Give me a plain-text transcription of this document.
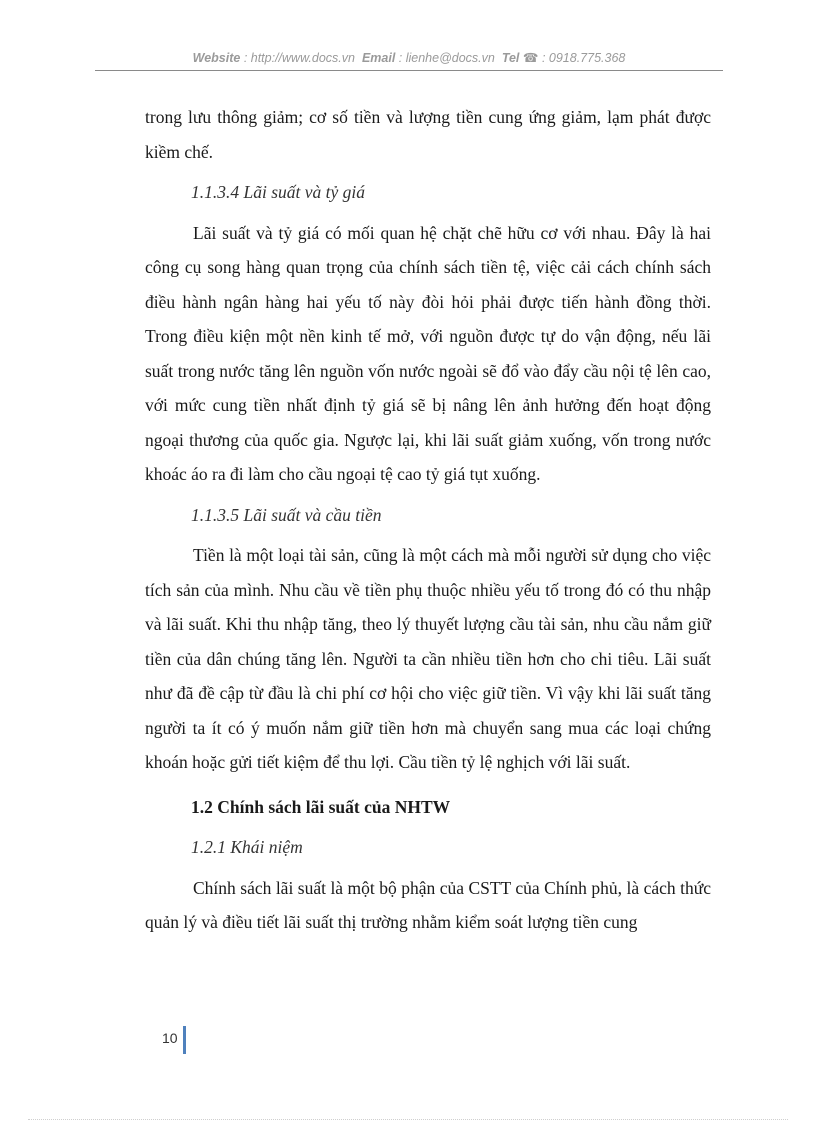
Website : http://www.docs.vn Email : lienhe@docs.vn Tel ☎ : 0918.775.368

trong lưu thông giảm; cơ số tiền và lượng tiền cung ứng giảm, lạm phát được kiềm chế.

1.1.3.4 Lãi suất và tỷ giá

Lãi suất và tỷ giá có mối quan hệ chặt chẽ hữu cơ với nhau. Đây là hai công cụ song hàng quan trọng của chính sách tiền tệ, việc cải cách chính sách điều hành ngân hàng hai yếu tố này đòi hỏi phải được tiến hành đồng thời. Trong điều kiện một nền kinh tế mở, với nguồn được tự do vận động, nếu lãi suất trong nước tăng lên nguồn vốn nước ngoài sẽ đổ vào đẩy cầu nội tệ lên cao, với mức cung tiền nhất định tỷ giá sẽ bị nâng lên ảnh hưởng đến hoạt động ngoại thương của quốc gia. Ngược lại, khi lãi suất giảm xuống, vốn trong nước khoác áo ra đi làm cho cầu ngoại tệ cao tỷ giá tụt xuống.

1.1.3.5 Lãi suất và cầu tiền

Tiền là một loại tài sản, cũng là một cách mà mỗi người sử dụng cho việc tích sản của mình. Nhu cầu về tiền phụ thuộc nhiều yếu tố trong đó có thu nhập và lãi suất. Khi thu nhập tăng, theo lý thuyết lượng cầu tài sản, nhu cầu nắm giữ tiền của dân chúng tăng lên. Người ta cần nhiều tiền hơn cho chi tiêu. Lãi suất như đã đề cập từ đầu là chi phí cơ hội cho việc giữ tiền. Vì vậy khi lãi suất tăng người ta ít có ý muốn nắm giữ tiền hơn mà chuyển sang mua các loại chứng khoán hoặc gửi tiết kiệm để thu lợi. Cầu tiền tỷ lệ nghịch với lãi suất.

1.2 Chính sách lãi suất của NHTW

1.2.1 Khái niệm

Chính sách lãi suất là một bộ phận của CSTT của Chính phủ, là cách thức quản lý và điều tiết lãi suất thị trường nhằm kiểm soát lượng tiền cung

10
